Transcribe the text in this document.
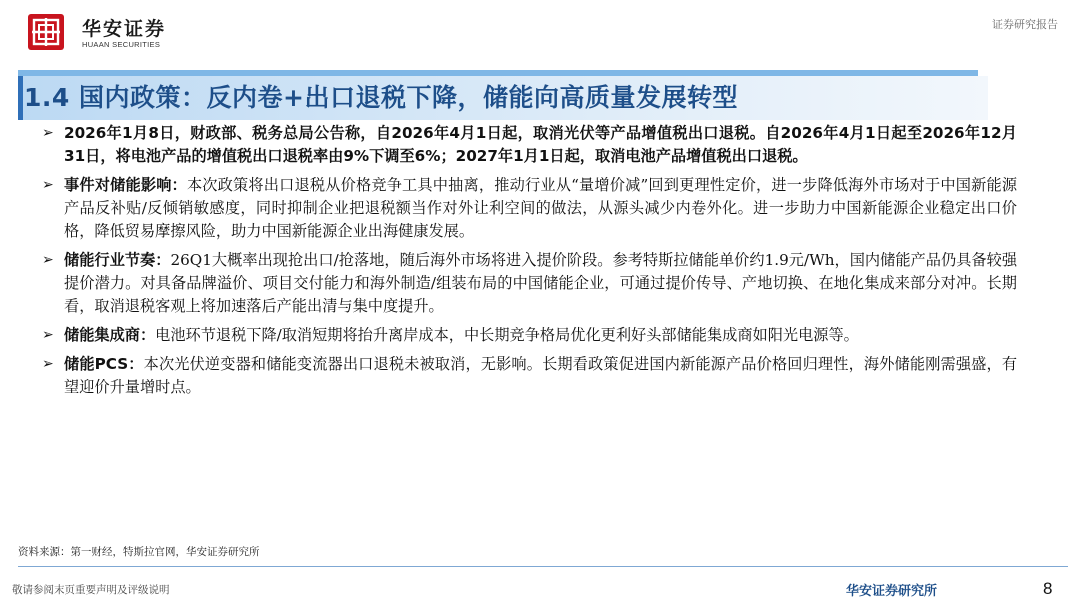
华安证券
HUAAN SECURITIES
证券研究报告
1.4 国内政策：反内卷+出口退税下降，储能向高质量发展转型
➢ 2026年1月8日，财政部、税务总局公告称，自2026年4月1日起，取消光伏等产品增值税出口退税。自2026年4月1日起至2026年12月31日，将电池产品的增值税出口退税率由9%下调至6%；2027年1月1日起，取消电池产品增值税出口退税。
➢ 事件对储能影响：本次政策将出口退税从价格竞争工具中抽离，推动行业从“量增价减”回到更理性定价，进一步降低海外市场对于中国新能源产品反补贴/反倾销敏感度，同时抑制企业把退税额当作对外让利空间的做法，从源头减少内卷外化。进一步助力中国新能源企业稳定出口价格，降低贸易摩擦风险，助力中国新能源企业出海健康发展。
➢ 储能行业节奏：26Q1大概率出现抢出口/抢落地，随后海外市场将进入提价阶段。参考特斯拉储能单价约1.9元/Wh，国内储能产品仍具备较强提价潜力。对具备品牌溢价、项目交付能力和海外制造/组装布局的中国储能企业，可通过提价传导、产地切换、在地化集成来部分对冲。长期看，取消退税客观上将加速落后产能出清与集中度提升。
➢ 储能集成商：电池环节退税下降/取消短期将抬升离岸成本，中长期竞争格局优化更利好头部储能集成商如阳光电源等。
➢ 储能PCS：本次光伏逆变器和储能变流器出口退税未被取消，无影响。长期看政策促进国内新能源产品价格回归理性，海外储能刚需强盛，有望迎价升量增时点。
资料来源：第一财经，特斯拉官网，华安证券研究所
敬请参阅末页重要声明及评级说明	华安证券研究所	8
